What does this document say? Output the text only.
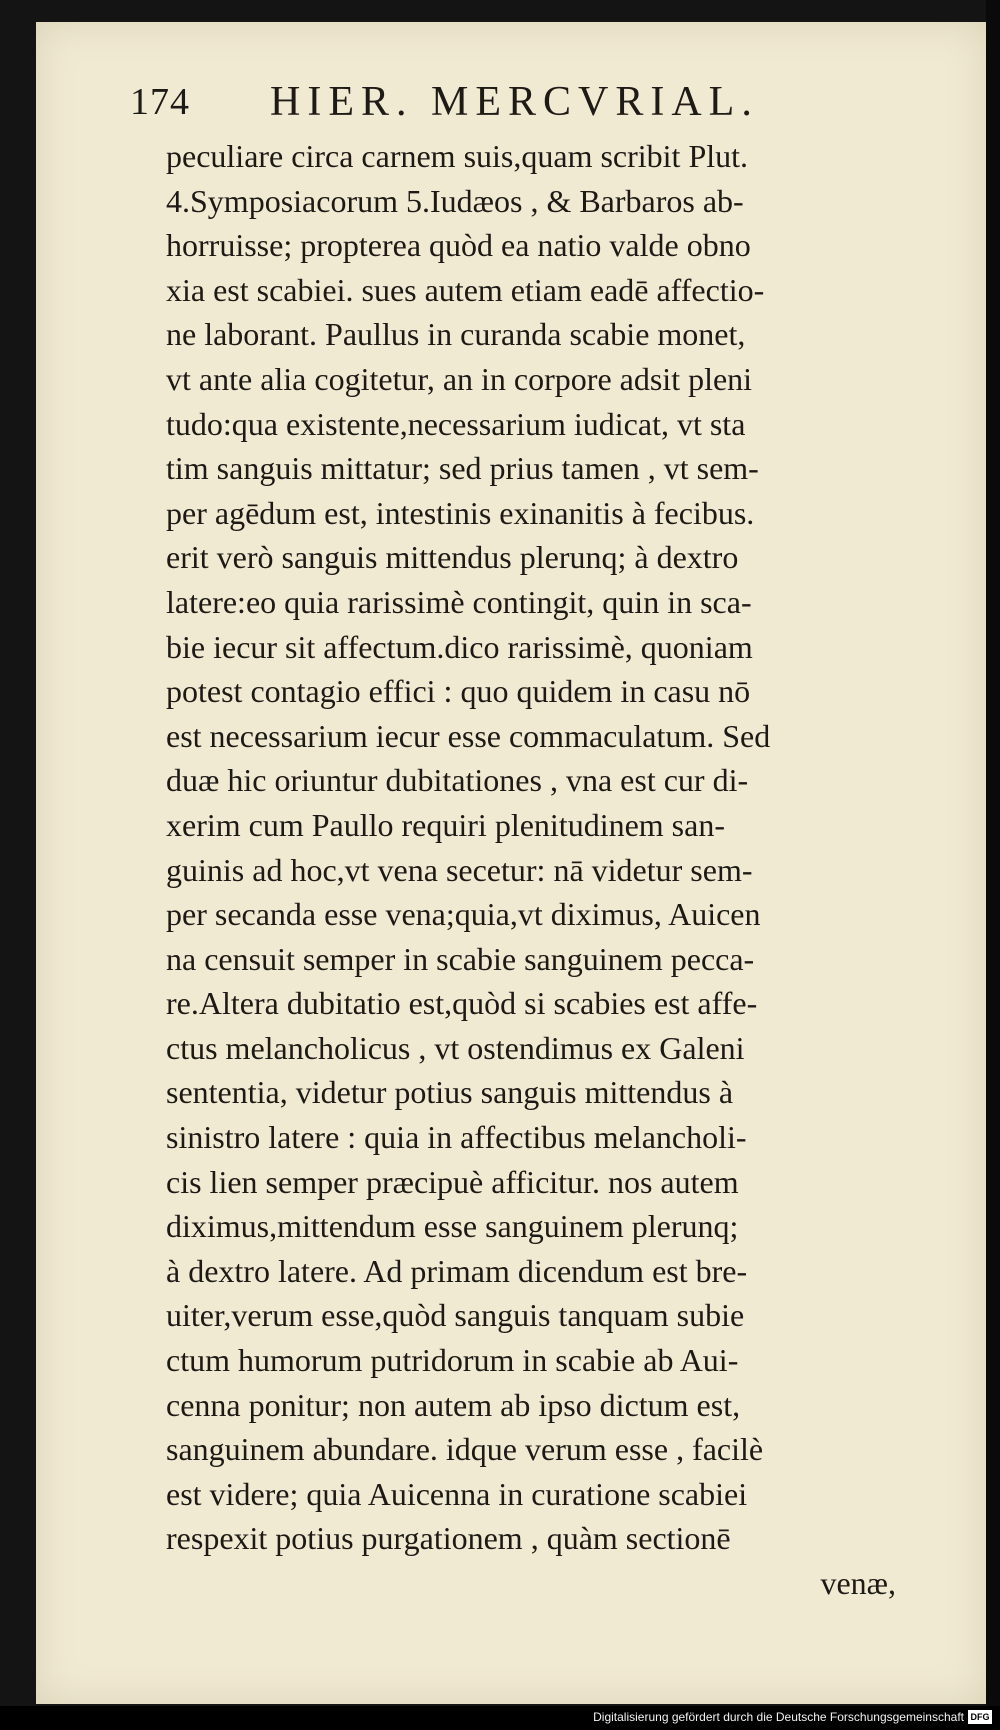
174 HIER. MERCVRIAL.
peculiare circa carnem suis,quam scribit Plut.
4.Symposiacorum 5.Iudæos , & Barbaros ab-
horruisse; propterea quòd ea natio valde obno
xia est scabiei. sues autem etiam eadē affectio-
ne laborant. Paullus in curanda scabie monet,
vt ante alia cogitetur, an in corpore adsit pleni
tudo:qua existente,necessarium iudicat, vt sta
tim sanguis mittatur; sed prius tamen , vt sem-
per agēdum est, intestinis exinanitis à fecibus.
erit verò sanguis mittendus plerunq; à dextro
latere:eo quia rarissimè contingit, quin in sca-
bie iecur sit affectum.dico rarissimè, quoniam
potest contagio effici : quo quidem in casu nō
est necessarium iecur esse commaculatum. Sed
duæ hic oriuntur dubitationes , vna est cur di-
xerim cum Paullo requiri plenitudinem san-
guinis ad hoc,vt vena secetur: nā videtur sem-
per secanda esse vena;quia,vt diximus, Auicen
na censuit semper in scabie sanguinem pecca-
re.Altera dubitatio est,quòd si scabies est affe-
ctus melancholicus , vt ostendimus ex Galeni
sententia, videtur potius sanguis mittendus à
sinistro latere : quia in affectibus melancholi-
cis lien semper præcipuè afficitur. nos autem
diximus,mittendum esse sanguinem plerunq;
à dextro latere. Ad primam dicendum est bre-
uiter,verum esse,quòd sanguis tanquam subie
ctum humorum putridorum in scabie ab Aui-
cenna ponitur; non autem ab ipso dictum est,
sanguinem abundare. idque verum esse , facilè
est videre; quia Auicenna in curatione scabiei
respexit potius purgationem , quàm sectionē
venæ,
Digitalisierung gefördert durch die Deutsche Forschungsgemeinschaft DFG
